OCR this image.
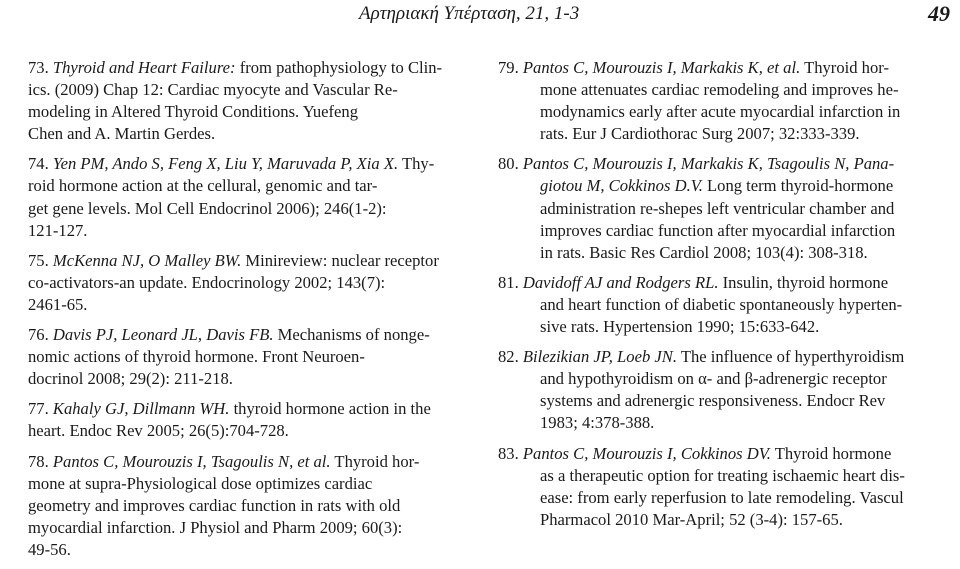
Αρτηριακή Υπέρταση, 21, 1-3	49
73. Thyroid and Heart Failure: from pathophysiology to Clin-
ics. (2009) Chap 12: Cardiac myocyte and Vascular Re-
modeling in Altered Thyroid Conditions. Yuefeng
Chen and A. Martin Gerdes.
74. Yen PM, Ando S, Feng X, Liu Y, Maruvada P, Xia X. Thy-
roid hormone action at the cellural, genomic and tar-
get gene levels. Mol Cell Endocrinol 2006); 246(1-2):
121-127.
75. McKenna NJ, O Malley BW. Minireview: nuclear receptor
co-activators-an update. Endocrinology 2002; 143(7):
2461-65.
76. Davis PJ, Leonard JL, Davis FB. Mechanisms of nonge-
nomic actions of thyroid hormone. Front Neuroen-
docrinol 2008; 29(2): 211-218.
77. Kahaly GJ, Dillmann WH. thyroid hormone action in the
heart. Endoc Rev 2005; 26(5):704-728.
78. Pantos C, Mourouzis I, Tsagoulis N, et al. Thyroid hor-
mone at supra-Physiological dose optimizes cardiac
geometry and improves cardiac function in rats with old
myocardial infarction. J Physiol and Pharm 2009; 60(3):
49-56.
79. Pantos C, Mourouzis I, Markakis K, et al. Thyroid hor-
mone attenuates cardiac remodeling and improves he-
modynamics early after acute myocardial infarction in
rats. Eur J Cardiothorac Surg 2007; 32:333-339.
80. Pantos C, Mourouzis I, Markakis K, Tsagoulis N, Pana-
giotou M, Cokkinos D.V. Long term thyroid-hormone
administration re-shepes left ventricular chamber and
improves cardiac function after myocardial infarction
in rats. Basic Res Cardiol 2008; 103(4): 308-318.
81. Davidoff AJ and Rodgers RL. Insulin, thyroid hormone
and heart function of diabetic spontaneously hyperten-
sive rats. Hypertension 1990; 15:633-642.
82. Bilezikian JP, Loeb JN. The influence of hyperthyroidism
and hypothyroidism on α- and β-adrenergic receptor
systems and adrenergic responsiveness. Endocr Rev
1983; 4:378-388.
83. Pantos C, Mourouzis I, Cokkinos DV. Thyroid hormone
as a therapeutic option for treating ischaemic heart dis-
ease: from early reperfusion to late remodeling. Vascul
Pharmacol 2010 Mar-April; 52 (3-4): 157-65.
